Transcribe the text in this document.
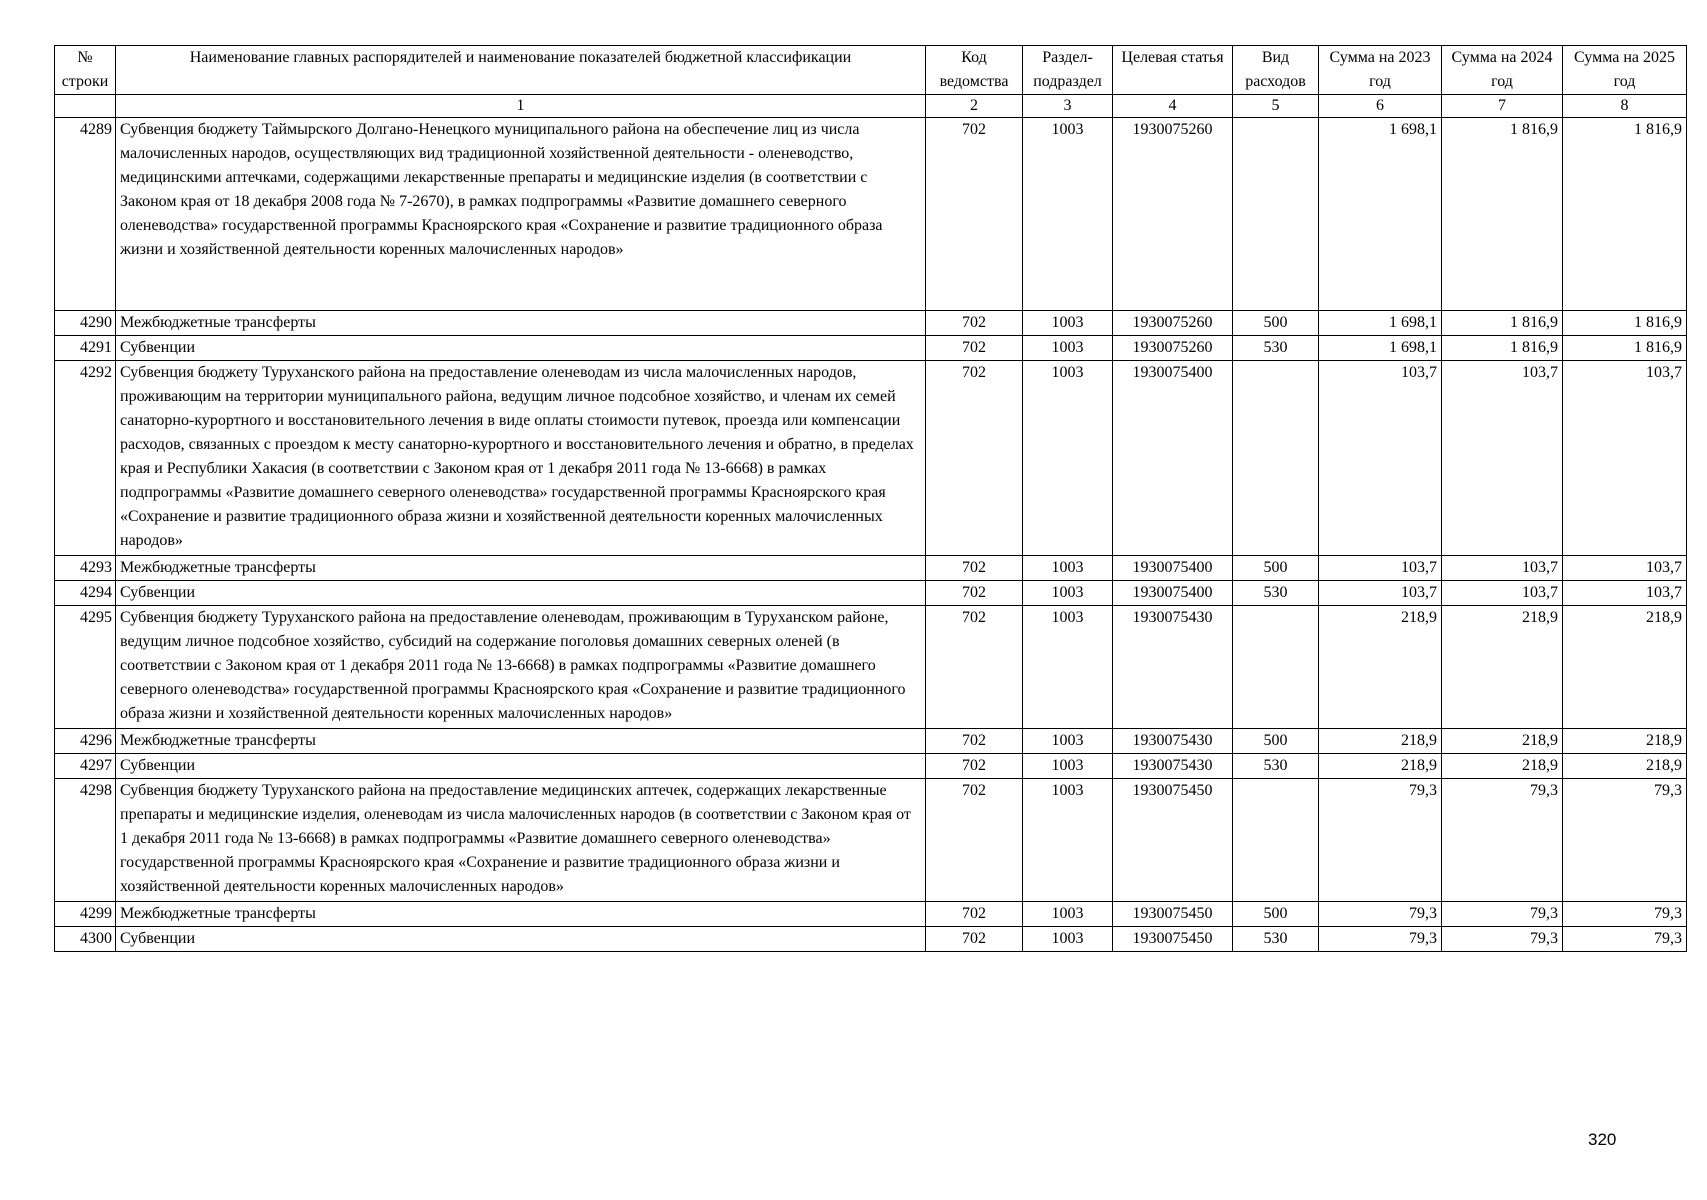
№ строки	Наименование главных распорядителей и наименование показателей бюджетной классификации	Код ведомства	Раздел-подраздел	Целевая статья	Вид расходов	Сумма на 2023 год	Сумма на 2024 год	Сумма на 2025 год
	1	2	3	4	5	6	7	8
4289	Субвенция бюджету Таймырского Долгано-Ненецкого муниципального района на обеспечение лиц из числа малочисленных народов, осуществляющих вид традиционной хозяйственной деятельности - оленеводство, медицинскими аптечками, содержащими лекарственные препараты и медицинские изделия (в соответствии с Законом края от 18 декабря 2008 года № 7-2670), в рамках подпрограммы «Развитие домашнего северного оленеводства» государственной программы Красноярского края «Сохранение и развитие традиционного образа жизни и хозяйственной деятельности коренных малочисленных народов»	702	1003	1930075260		1 698,1	1 816,9	1 816,9
4290	Межбюджетные трансферты	702	1003	1930075260	500	1 698,1	1 816,9	1 816,9
4291	Субвенции	702	1003	1930075260	530	1 698,1	1 816,9	1 816,9
4292	Субвенция бюджету Туруханского района на предоставление оленеводам из числа малочисленных народов, проживающим на территории муниципального района, ведущим личное подсобное хозяйство, и членам их семей санаторно-курортного и восстановительного лечения в виде оплаты стоимости путевок, проезда или компенсации расходов, связанных с проездом к месту санаторно-курортного и восстановительного лечения и обратно, в пределах края и Республики Хакасия (в соответствии с Законом края от 1 декабря 2011 года № 13-6668) в рамках подпрограммы «Развитие домашнего северного оленеводства» государственной программы Красноярского края «Сохранение и развитие традиционного образа жизни и хозяйственной деятельности коренных малочисленных народов»	702	1003	1930075400		103,7	103,7	103,7
4293	Межбюджетные трансферты	702	1003	1930075400	500	103,7	103,7	103,7
4294	Субвенции	702	1003	1930075400	530	103,7	103,7	103,7
4295	Субвенция бюджету Туруханского района на предоставление оленеводам, проживающим в Туруханском районе, ведущим личное подсобное хозяйство, субсидий на содержание поголовья домашних северных оленей (в соответствии с Законом края от 1 декабря 2011 года № 13-6668) в рамках подпрограммы «Развитие домашнего северного оленеводства» государственной программы Красноярского края «Сохранение и развитие традиционного образа жизни и хозяйственной деятельности коренных малочисленных народов»	702	1003	1930075430		218,9	218,9	218,9
4296	Межбюджетные трансферты	702	1003	1930075430	500	218,9	218,9	218,9
4297	Субвенции	702	1003	1930075430	530	218,9	218,9	218,9
4298	Субвенция бюджету Туруханского района на предоставление медицинских аптечек, содержащих лекарственные препараты и медицинские изделия, оленеводам из числа малочисленных народов (в соответствии с Законом края от 1 декабря 2011 года № 13-6668) в рамках подпрограммы «Развитие домашнего северного оленеводства» государственной программы Красноярского края «Сохранение и развитие традиционного образа жизни и хозяйственной деятельности коренных малочисленных народов»	702	1003	1930075450		79,3	79,3	79,3
4299	Межбюджетные трансферты	702	1003	1930075450	500	79,3	79,3	79,3
4300	Субвенции	702	1003	1930075450	530	79,3	79,3	79,3
320
